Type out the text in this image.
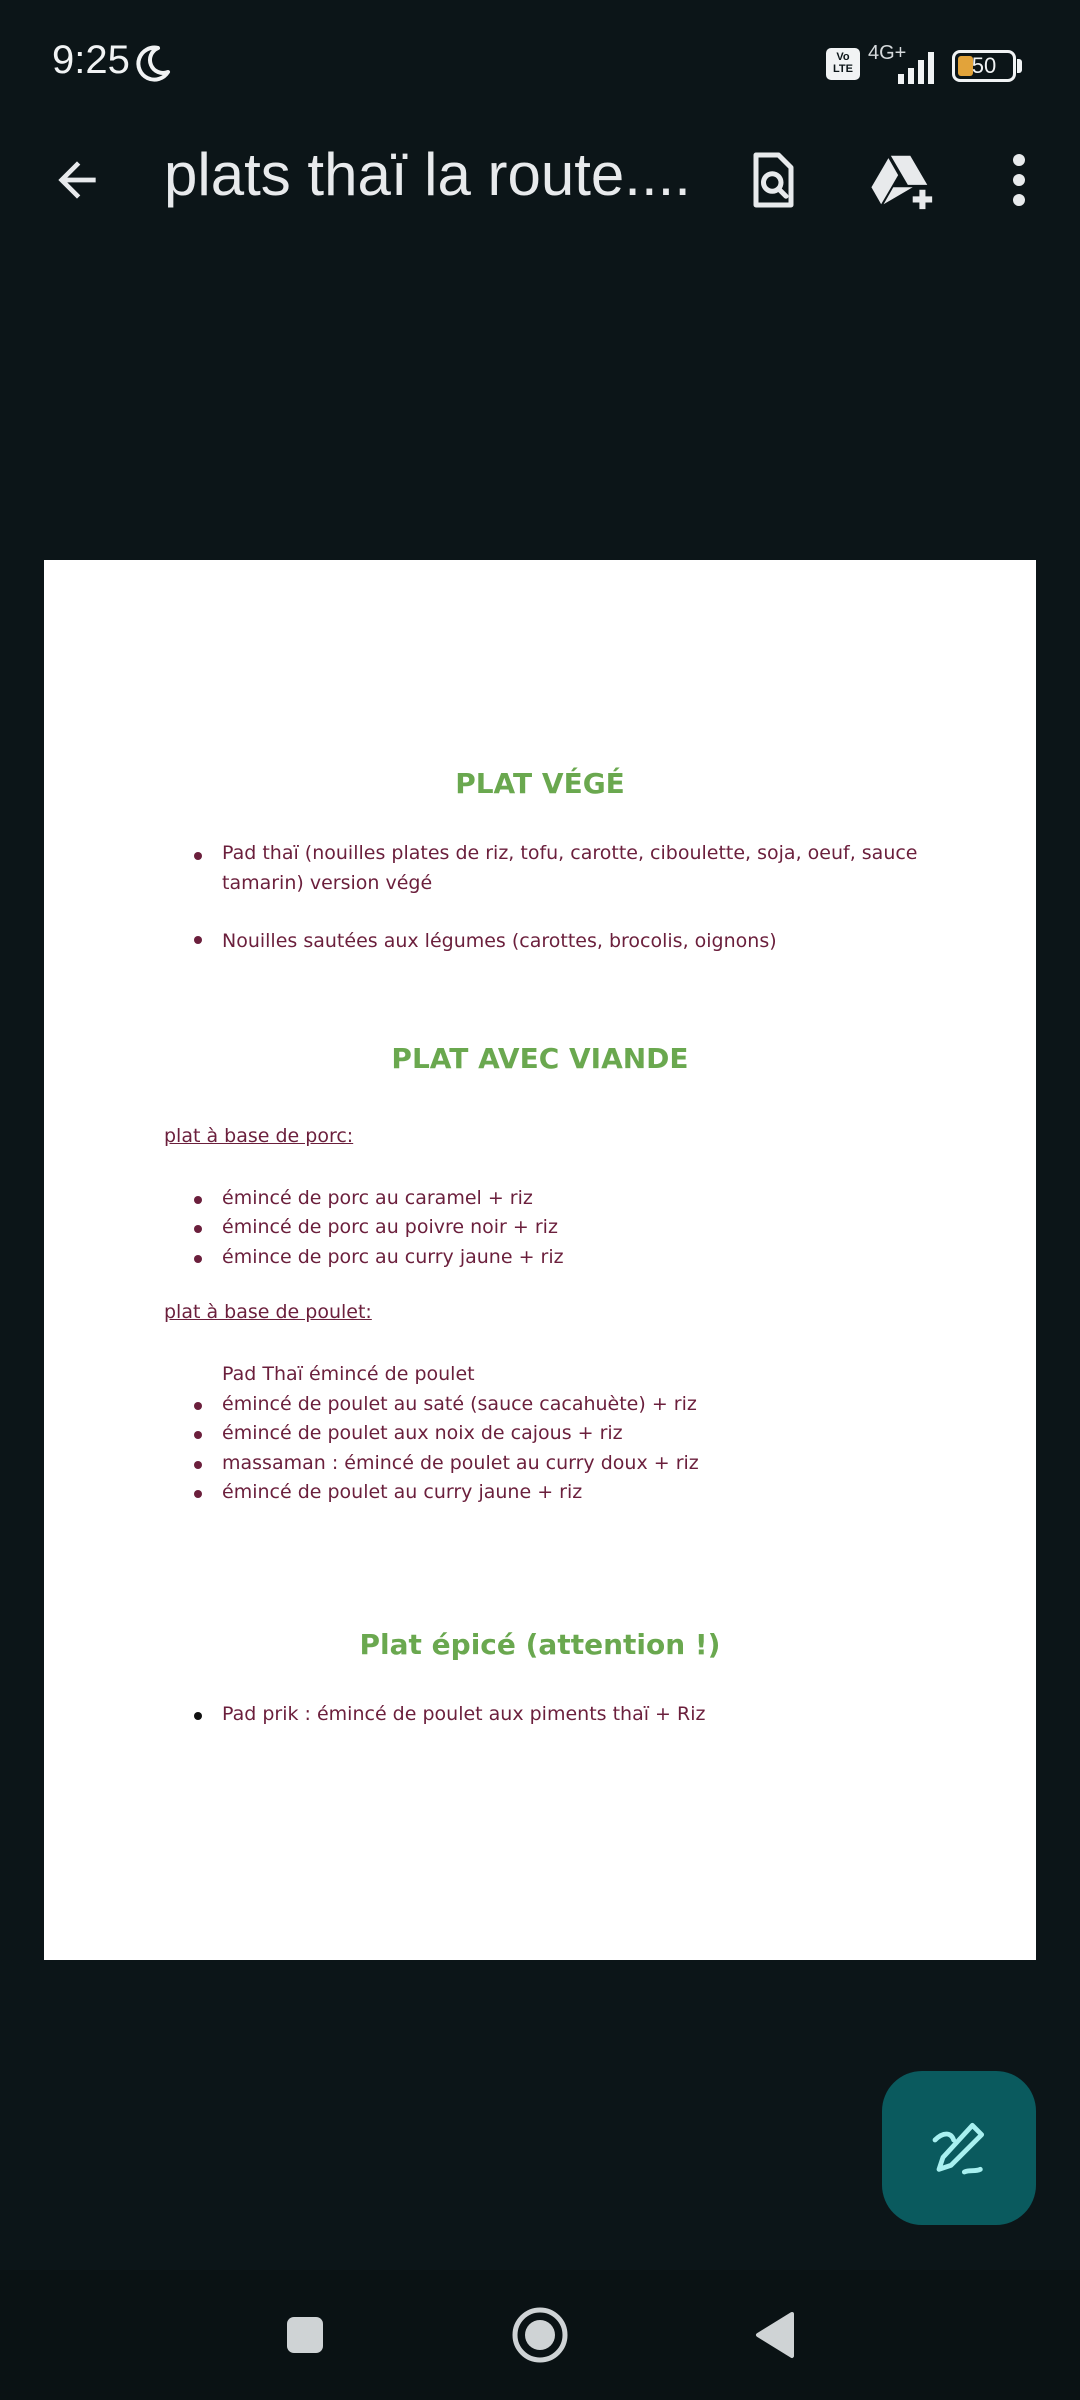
9:25	Vo LTE
4G+	50
plats thaï la route....
PLAT VÉGÉ
Pad thaï (nouilles plates de riz, tofu, carotte, ciboulette, soja, oeuf, sauce
tamarin) version végé
Nouilles sautées aux légumes (carottes, brocolis, oignons)
PLAT AVEC VIANDE
plat à base de porc:
émincé de porc au caramel + riz
émincé de porc au poivre noir + riz
émince de porc au curry jaune + riz
plat à base de poulet:
Pad Thaï émincé de poulet
émincé de poulet au saté (sauce cacahuète) + riz
émincé de poulet aux noix de cajous + riz
massaman : émincé de poulet au curry doux + riz
émincé de poulet au curry jaune + riz
Plat épicé (attention !)
Pad prik : émincé de poulet aux piments thaï + Riz
